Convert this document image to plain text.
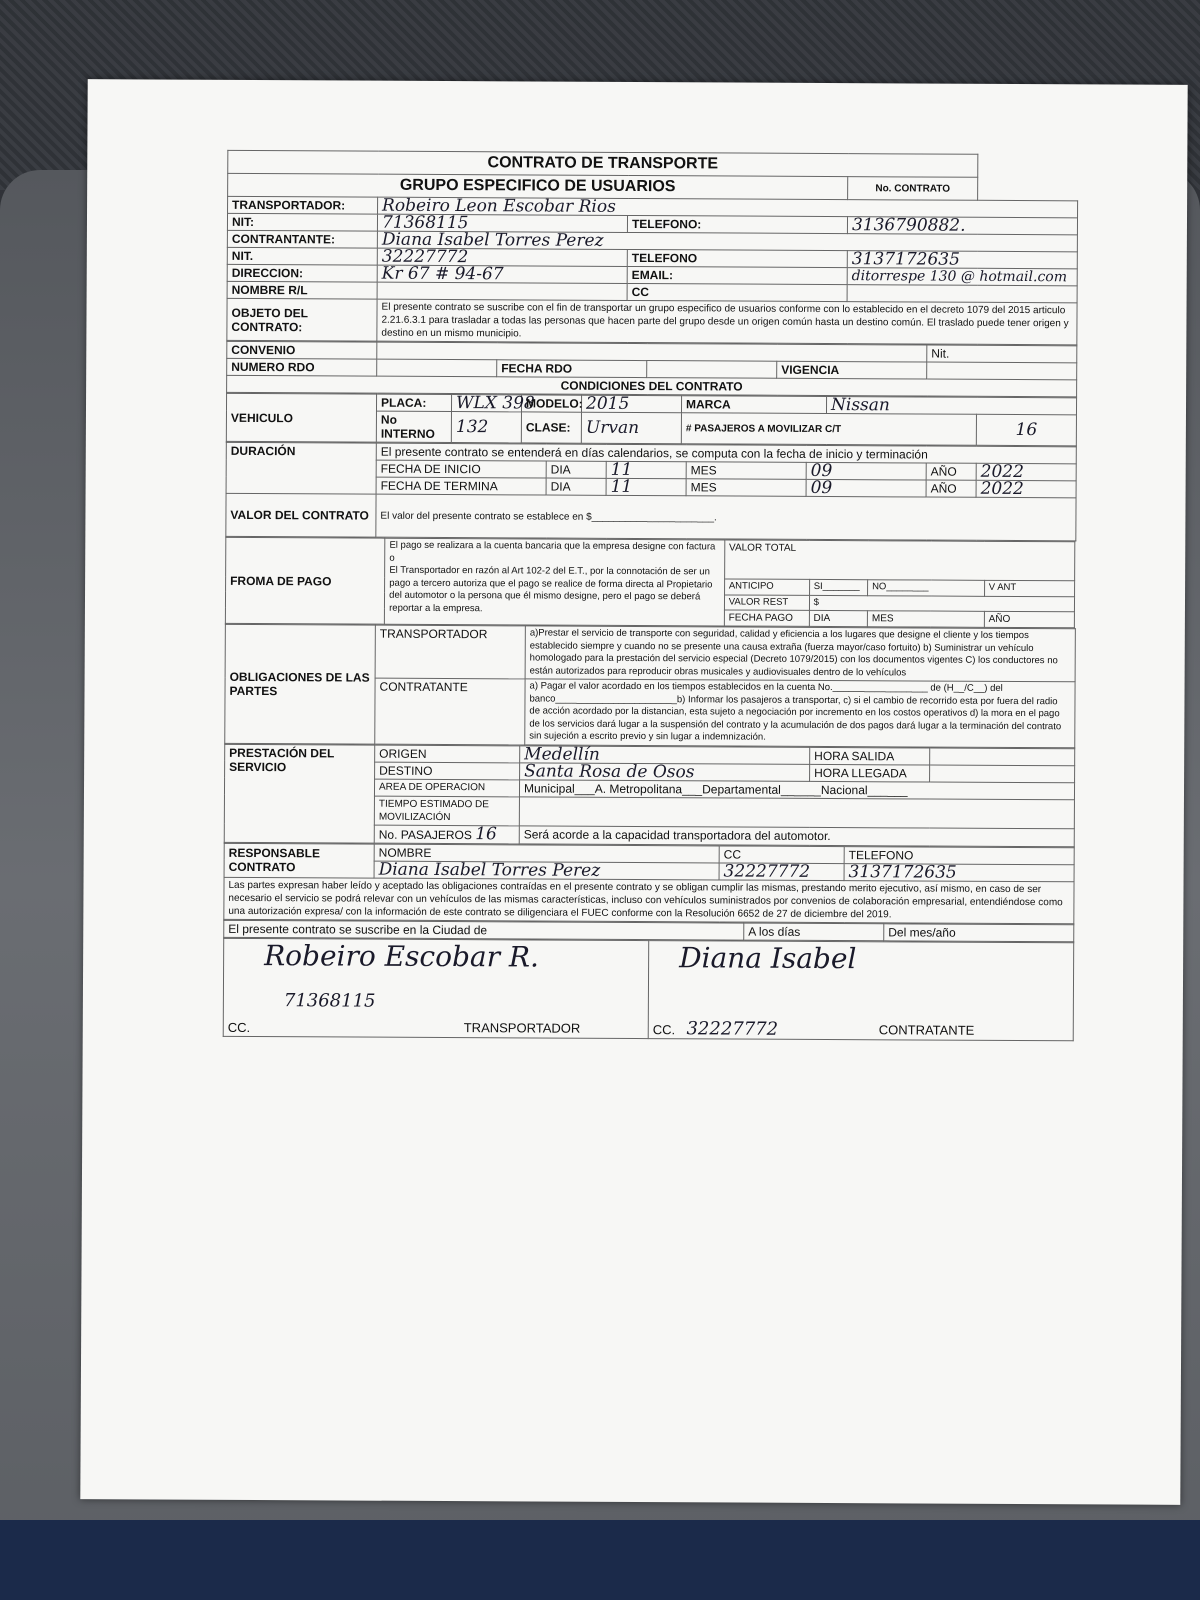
CONTRATO DE TRANSPORTE				
GRUPO ESPECIFICO DE USUARIOS			No. CONTRATO	
TRANSPORTADOR:	Robeiro Leon Escobar Rios			
NIT:	71368115	TELEFONO:	3136790882.	
CONTRANTANTE:	Diana Isabel Torres Perez			
NIT.	32227772	TELEFONO	3137172635	
DIRECCION:	Kr 67 # 94-67	EMAIL:	ditorrespe 130 @ hotmail.com	
NOMBRE R/L		CC		
OBJETO DEL CONTRATO:	El presente contrato se suscribe con el fin de transportar un grupo especifico de usuarios conforme con lo establecido en el decreto 1079 del 2015 articulo 2.21.6.3.1 para trasladar a todas las personas que hacen parte del grupo desde un origen común hasta un destino común. El traslado puede tener origen y destino en un mismo municipio.			
CONVENIO					Nit.
NUMERO RDO		FECHA RDO		VIGENCIA	
CONDICIONES DEL CONTRATO					
VEHICULO	PLACA:	WLX 398	MODELO:	2015	MARCA	Nissan	
	No INTERNO	132	CLASE:	Urvan	# PASAJEROS A MOVILIZAR C/T		16
DURACIÓN	El presente contrato se entenderá en días calendarios, se computa con la fecha de inicio y terminación						
	FECHA DE INICIO	DIA	11	MES	09	AÑO	2022
	FECHA DE TERMINA	DIA	11	MES	09	AÑO	2022
VALOR DEL CONTRATO	El valor del presente contrato se establece en $______________________.						
FROMA DE PAGO	El pago se realizara a la cuenta bancaria que la empresa designe con factura o
El Transportador en razón al Art 102-2 del E.T., por la connotación de ser un pago a tercero autoriza que el pago se realice de forma directa al Propietario del automotor o la persona que él mismo designe, pero el pago se deberá reportar a la empresa.	VALOR TOTAL			
		ANTICIPO	SI_______	NO________	V ANT
		VALOR REST	$		
		FECHA PAGO	DIA	MES	AÑO
OBLIGACIONES DE LAS PARTES	TRANSPORTADOR	a)Prestar el servicio de transporte con seguridad, calidad y eficiencia a los lugares que designe el cliente y los tiempos establecido siempre y cuando no se presente una causa extraña (fuerza mayor/caso fortuito) b) Suministrar un vehículo homologado para la prestación del servicio especial (Decreto 1079/2015) con los documentos vigentes C) los conductores no están autorizados para reproducir obras musicales y audiovisuales dentro de lo vehículos
	CONTRATANTE	a) Pagar el valor acordado en los tiempos establecidos en la cuenta No.__________________ de (H__/C__) del banco_______________________b) Informar los pasajeros a transportar, c) si el cambio de recorrido esta por fuera del radio de acción acordado por la distancian, esta sujeto a negociación por incremento en los costos operativos d) la mora en el pago de los servicios dará lugar a la suspensión del contrato y la acumulación de dos pagos dará lugar a la terminación del contrato sin sujeción a escrito previo y sin lugar a indemnización.
PRESTACIÓN DEL SERVICIO	ORIGEN	Medellín	HORA SALIDA	
	DESTINO	Santa Rosa de Osos	HORA LLEGADA	
	AREA DE OPERACION	Municipal___A. Metropolitana___Departamental______Nacional______		
	TIEMPO ESTIMADO DE MOVILIZACIÓN			
	No. PASAJEROS 16	Será acorde a la capacidad transportadora del automotor.		
RESPONSABLE CONTRATO	NOMBRE	CC	TELEFONO
	Diana Isabel Torres Perez	32227772	3137172635
Las partes expresan haber leído y aceptado las obligaciones contraídas en el presente contrato y se obligan cumplir las mismas, prestando merito ejecutivo, así mismo, en caso de ser necesario el servicio se podrá relevar con un vehículos de las mismas características, incluso con vehículos suministrados por convenios de colaboración empresarial, entendiéndose como una autorización expresa/ con la información de este contrato se diligenciara el FUEC conforme con la Resolución 6652 de 27 de diciembre del 2019.			
El presente contrato se suscribe en la Ciudad de	A los días	Del mes/año
Robeiro Escobar R.
71368115
CC.	TRANSPORTADOR

Diana Isabel
CC. 32227772	CONTRATANTE
